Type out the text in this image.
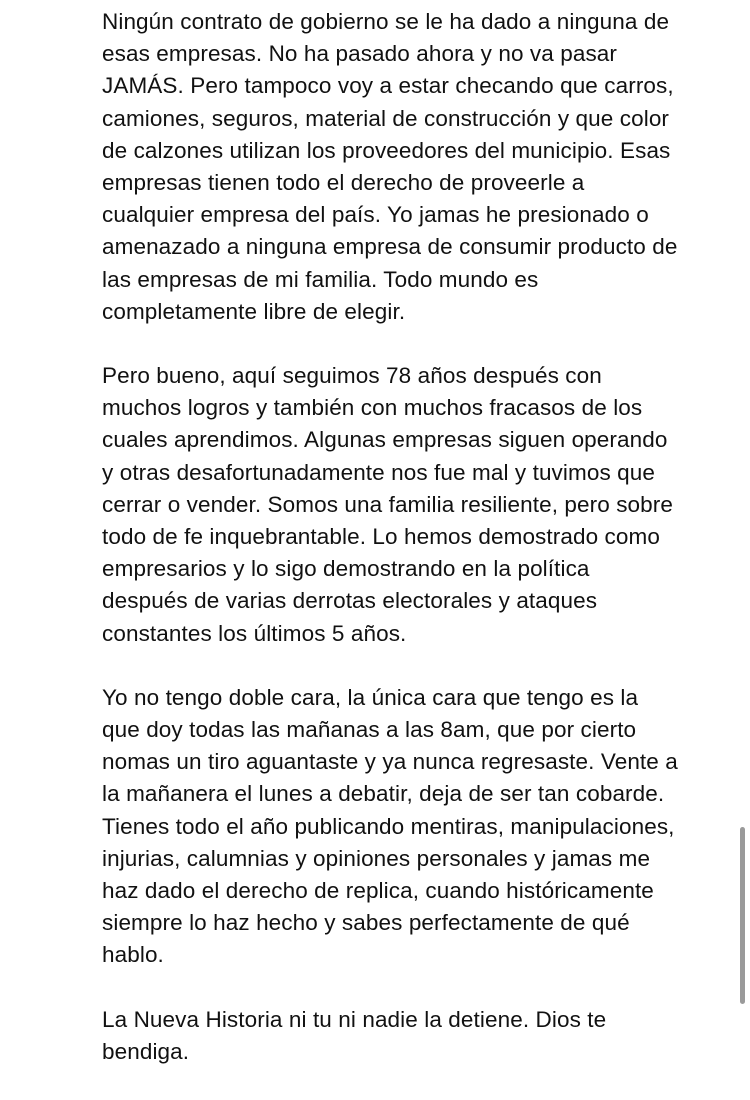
Ningún contrato de gobierno se le ha dado a ninguna de
esas empresas. No ha pasado ahora y no va pasar
JAMÁS. Pero tampoco voy a estar checando que carros,
camiones, seguros, material de construcción y que color
de calzones utilizan los proveedores del municipio. Esas
empresas tienen todo el derecho de proveerle a
cualquier empresa del país. Yo jamas he presionado o
amenazado a ninguna empresa de consumir producto de
las empresas de mi familia. Todo mundo es
completamente libre de elegir.

Pero bueno, aquí seguimos 78 años después con
muchos logros y también con muchos fracasos de los
cuales aprendimos. Algunas empresas siguen operando
y otras desafortunadamente nos fue mal y tuvimos que
cerrar o vender. Somos una familia resiliente, pero sobre
todo de fe inquebrantable. Lo hemos demostrado como
empresarios y lo sigo demostrando en la política
después de varias derrotas electorales y ataques
constantes los últimos 5 años.

Yo no tengo doble cara, la única cara que tengo es la
que doy todas las mañanas a las 8am, que por cierto
nomas un tiro aguantaste y ya nunca regresaste. Vente a
la mañanera el lunes a debatir, deja de ser tan cobarde.
Tienes todo el año publicando mentiras, manipulaciones,
injurias, calumnias y opiniones personales y jamas me
haz dado el derecho de replica, cuando históricamente
siempre lo haz hecho y sabes perfectamente de qué
hablo.

La Nueva Historia ni tu ni nadie la detiene. Dios te
bendiga.
